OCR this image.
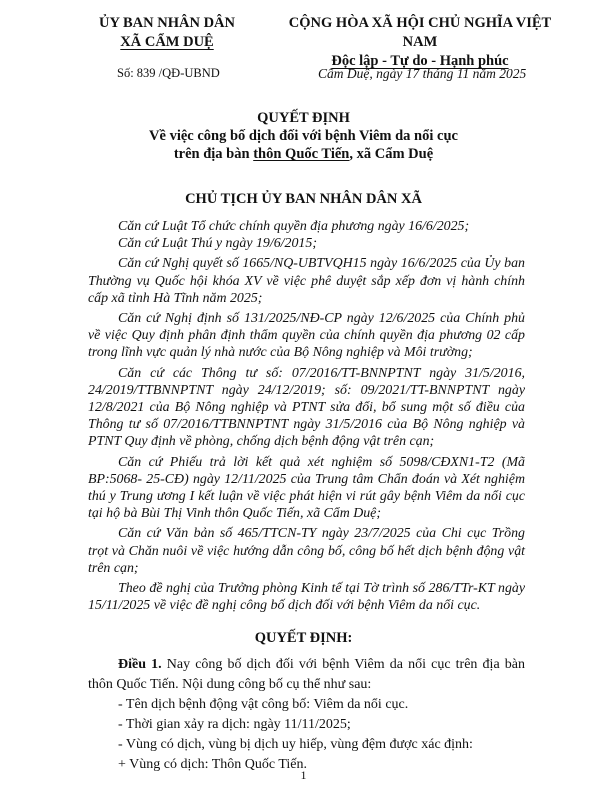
ỦY BAN NHÂN DÂN
XÃ CẨM DUỆ
CỘNG HÒA XÃ HỘI CHỦ NGHĨA VIỆT NAM
Độc lập - Tự do - Hạnh phúc
Số: 839 /QĐ-UBND	Cẩm Duệ, ngày 17 tháng 11 năm 2025
QUYẾT ĐỊNH
Về việc công bố dịch đối với bệnh Viêm da nổi cục
trên địa bàn thôn Quốc Tiến, xã Cẩm Duệ
CHỦ TỊCH ỦY BAN NHÂN DÂN XÃ

Căn cứ Luật Tổ chức chính quyền địa phương ngày 16/6/2025;

Căn cứ Luật Thú y ngày 19/6/2015;

Căn cứ Nghị quyết số 1665/NQ-UBTVQH15 ngày 16/6/2025 của Ủy ban Thường vụ Quốc hội khóa XV về việc phê duyệt sắp xếp đơn vị hành chính cấp xã tỉnh Hà Tĩnh năm 2025;

Căn cứ Nghị định số 131/2025/NĐ-CP ngày 12/6/2025 của Chính phủ về việc Quy định phân định thẩm quyền của chính quyền địa phương 02 cấp trong lĩnh vực quản lý nhà nước của Bộ Nông nghiệp và Môi trường;

Căn cứ các Thông tư số: 07/2016/TT-BNNPTNT ngày 31/5/2016, 24/2019/TTBNNPTNT ngày 24/12/2019; số: 09/2021/TT-BNNPTNT ngày 12/8/2021 của Bộ Nông nghiệp và PTNT sửa đổi, bổ sung một số điều của Thông tư số 07/2016/TTBNNPTNT ngày 31/5/2016 của Bộ Nông nghiệp và PTNT Quy định về phòng, chống dịch bệnh động vật trên cạn;

Căn cứ Phiếu trả lời kết quả xét nghiệm số 5098/CĐXN1-T2 (Mã BP:5068- 25-CĐ) ngày 12/11/2025 của Trung tâm Chẩn đoán và Xét nghiệm thú y Trung ương I kết luận về việc phát hiện vi rút gây bệnh Viêm da nổi cục tại hộ bà Bùi Thị Vinh thôn Quốc Tiến, xã Cẩm Duệ;

Căn cứ Văn bản số 465/TTCN-TY ngày 23/7/2025 của Chi cục Trồng trọt và Chăn nuôi về việc hướng dẫn công bố, công bố hết dịch bệnh động vật trên cạn;

Theo đề nghị của Trưởng phòng Kinh tế tại Tờ trình số 286/TTr-KT ngày 15/11/2025 về việc đề nghị công bố dịch đối với bệnh Viêm da nổi cục.

QUYẾT ĐỊNH:

Điều 1. Nay công bố dịch đối với bệnh Viêm da nổi cục trên địa bàn thôn Quốc Tiến. Nội dung công bố cụ thể như sau:

- Tên dịch bệnh động vật công bố: Viêm da nổi cục.

- Thời gian xảy ra dịch: ngày 11/11/2025;

- Vùng có dịch, vùng bị dịch uy hiếp, vùng đệm được xác định:

+ Vùng có dịch: Thôn Quốc Tiến.

1
